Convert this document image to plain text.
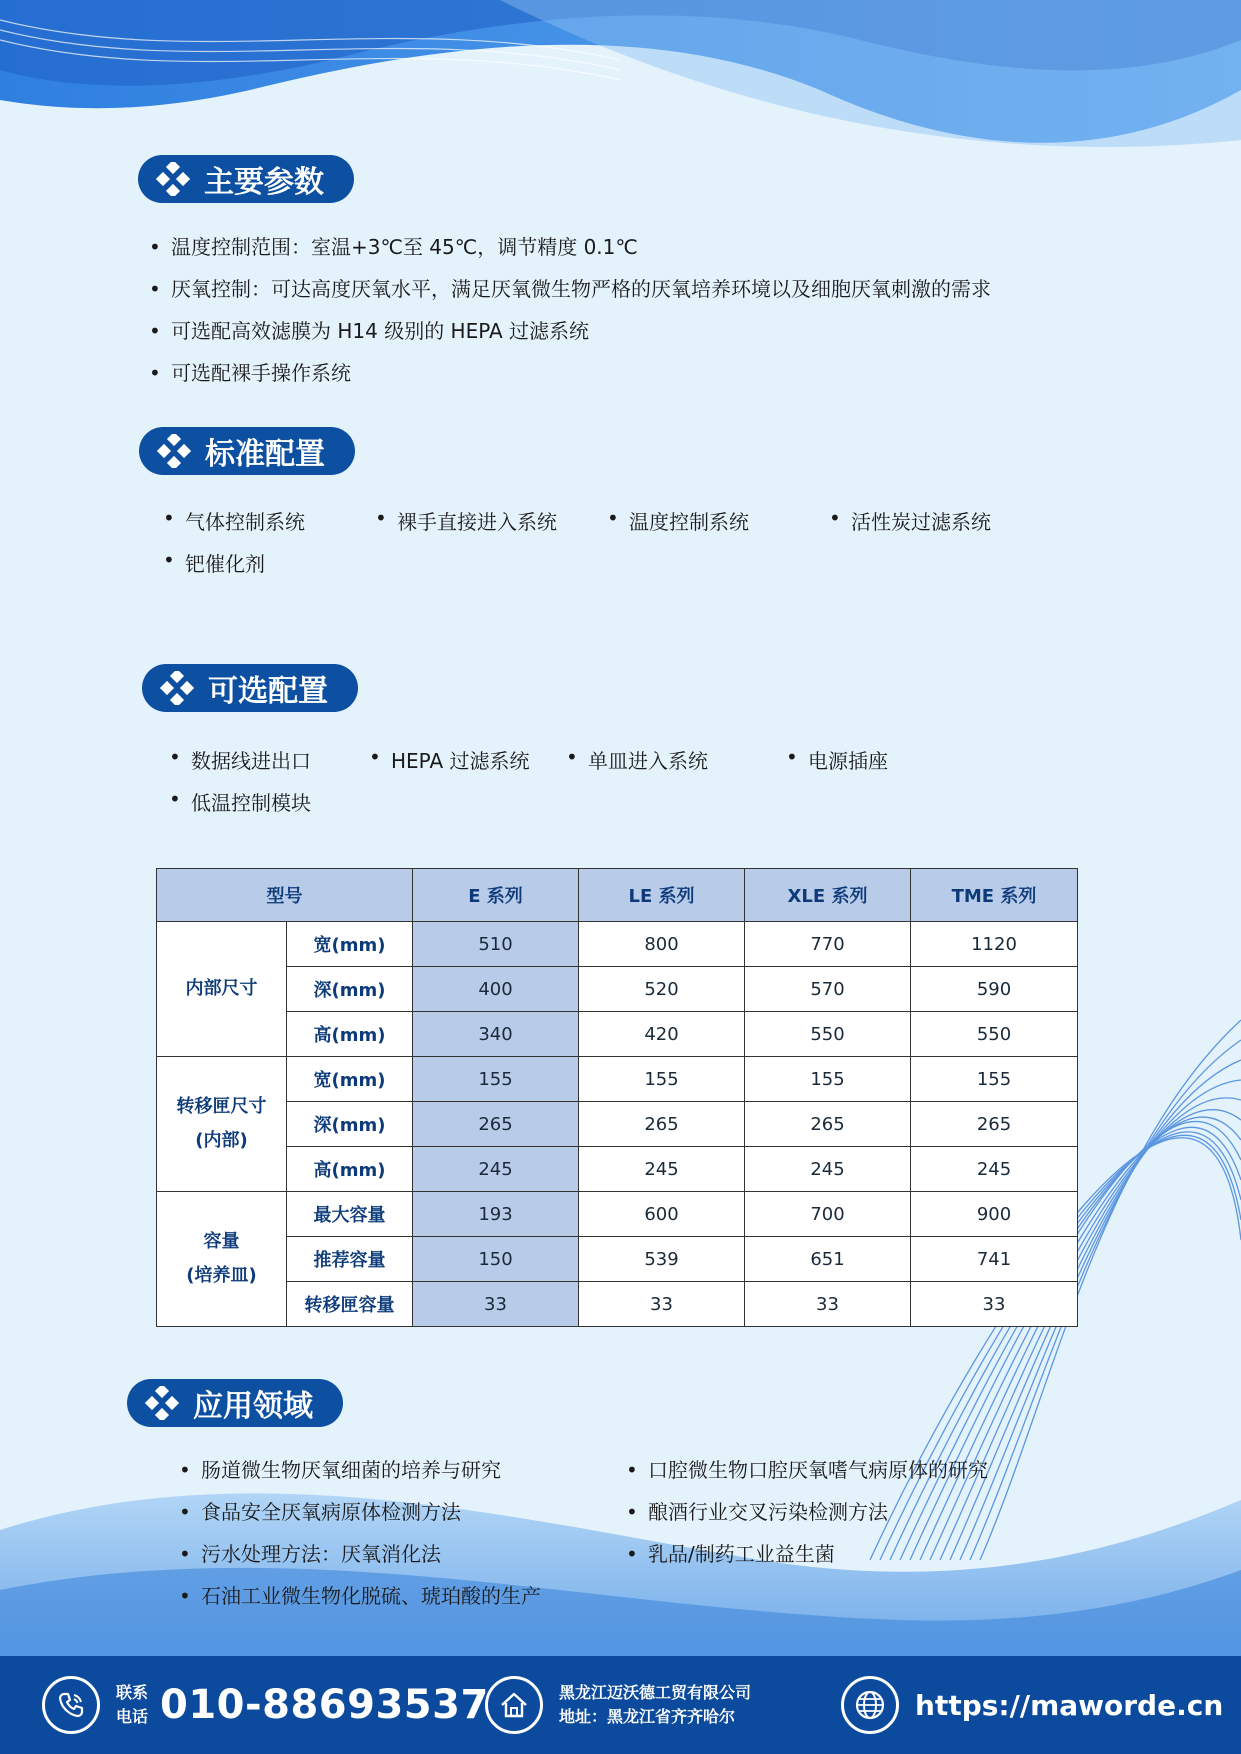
主要参数
• 温度控制范围：室温+3℃至 45℃，调节精度 0.1℃
• 厌氧控制：可达高度厌氧水平，满足厌氧微生物严格的厌氧培养环境以及细胞厌氧刺激的需求
• 可选配高效滤膜为 H14 级别的 HEPA 过滤系统
• 可选配裸手操作系统
标准配置
• 气体控制系统	• 裸手直接进入系统	• 温度控制系统	• 活性炭过滤系统
• 钯催化剂
可选配置
• 数据线进出口	• HEPA 过滤系统	• 单皿进入系统	• 电源插座
• 低温控制模块
型号		E 系列	LE 系列	XLE 系列	TME 系列
内部尺寸	宽(mm)	510	800	770	1120
	深(mm)	400	520	570	590
	高(mm)	340	420	550	550

转移匣尺寸
(内部)	宽(mm)	155	155	155	155
	深(mm)	265	265	265	265
	高(mm)	245	245	245	245

容量
(培养皿)	最大容量	193	600	700	900
	推荐容量	150	539	651	741
	转移匣容量	33	33	33	33
应用领域
• 肠道微生物厌氧细菌的培养与研究
• 食品安全厌氧病原体检测方法
• 污水处理方法：厌氧消化法
• 石油工业微生物化脱硫、琥珀酸的生产
• 口腔微生物口腔厌氧嗜气病原体的研究
• 酿酒行业交叉污染检测方法
• 乳品/制药工业益生菌
联系
电话 010-88693537	黑龙江迈沃德工贸有限公司
地址：黑龙江省齐齐哈尔	https://maworde.cn
